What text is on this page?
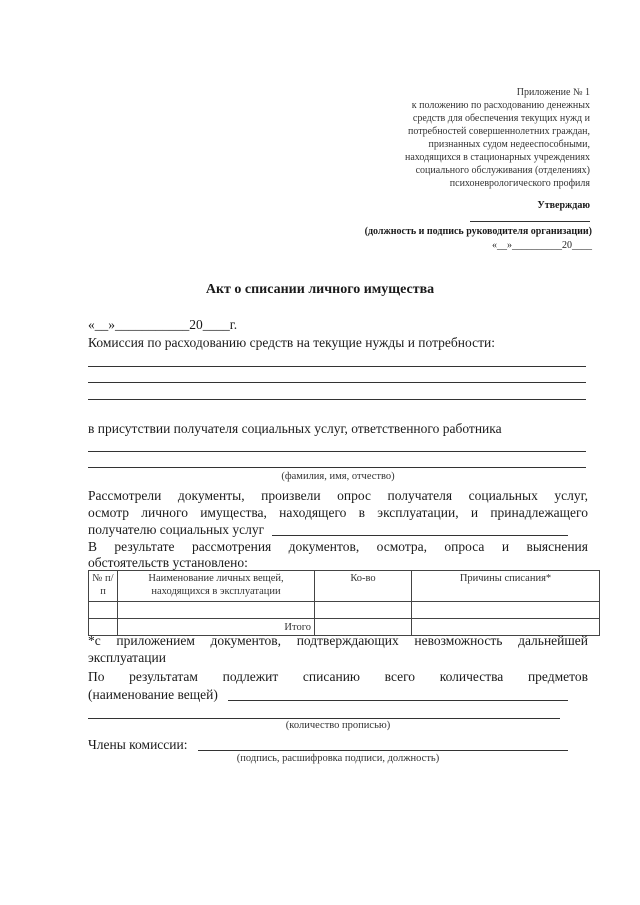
Приложение № 1
к положению по расходованию денежных
средств для обеспечения текущих нужд и
потребностей совершеннолетних граждан,
признанных судом недееспособными,
находящихся в стационарных учреждениях
социального обслуживания (отделениях)
психоневрологического профиля
Утверждаю
(должность и подпись руководителя организации)
«__»__________20____
Акт о списании личного имущества
«__»___________20____г.
Комиссия по расходованию средств на текущие нужды и потребности:
в присутствии получателя социальных услуг, ответственного работника
(фамилия, имя, отчество)
Рассмотрели документы, произвели опрос получателя социальных услуг,
осмотр личного имущества, находящего в эксплуатации, и принадлежащего
получателю социальных услуг
В результате рассмотрения документов, осмотра, опроса и выяснения
обстоятельств установлено:
№ п/п	Наименование личных вещей, находящихся в эксплуатации	Ко-во	Причины списания*

	Итого		
*с приложением документов, подтверждающих невозможность дальнейшей
эксплуатации
По результатам подлежит списанию всего количества предметов
(наименование вещей)
(количество прописью)
Члены комиссии:
(подпись, расшифровка подписи, должность)
